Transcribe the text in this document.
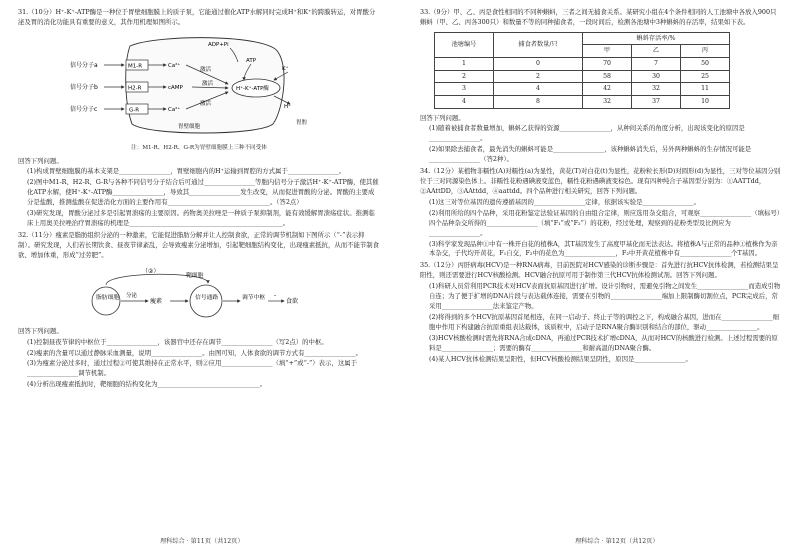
31.（10分）H⁺-K⁺-ATP酶是一种位于胃壁细胞膜上的质子泵，它能通过催化ATP水解同时完成H⁺和K⁺的跨膜转运，对胃酸分泌及胃的消化功能具有重要的意义，其作用机理如图所示。

信号分子a
信号分子b
信号分子c
M1-R
H2-R
G-R
Ca²⁺
cAMP
Ca²⁺
激活
激活
激活
ADP+Pi
ATP
H⁺-K⁺-ATP酶
K⁺
H⁺
胃壁细胞
胃腔

注：M1-R、H2-R、G-R为胃壁细胞膜上三种不同受体

回答下列问题。

(1)构成胃壁细胞膜的基本支架是________________，胃壁细胞内的H⁺运输到胃腔的方式属于________________。

(2)图中M1-R、H2-R、G-R与各种不同信号分子结合后可通过________________等胞内信号分子激活H⁺-K⁺-ATP酶，使其催化ATP水解，使H⁺-K⁺-ATP酶________________，导致其________________发生改变，从而促进胃酸的分泌。胃酸的主要成分是盐酸，推测盐酸在促进消化方面的主要作用有________________________________。（答2点）

(3)研究发现，胃酸分泌过多是引起胃溃疡的主要原因。药物奥美拉唑是一种质子泵抑制剂，能有效缓解胃溃疡症状。推测临床上用奥美拉唑治疗胃溃疡的机理是________________________________________________。

32.（11分）瘦素是脂肪组织分泌的一种激素，它能促进脂肪分解并让人控制食欲，正常的调节机制如下图所示（“-”表示抑制）。研究发现，人们若长期饮食、昼夜节律紊乱，会导致瘦素分泌增加，引起靶细胞结构变化，出现瘦素抵抗，从而不能节制食欲、增加体重，形成“过劳肥”。

（②）
脂肪细胞 分泌
瘦素
靶细胞
信号通路	调节中枢 -
食欲

回答下列问题。

(1)控制昼夜节律的中枢位于________________，该器官中还存在调节________________（写2点）的中枢。

(2)瘦素的含量可以通过静脉采血测量，说明________________。由图可知，人体食欲的调节方式有________________。

(3)为瘦素分泌过多时，通过过程②可使其维持在正常水平，则②应用________________（填“+”或“-”）表示，这属于________________调节机制。

(4)分析出现瘦素抵抗时，靶细胞的结构变化为________________________________。

33.（9分）甲、乙、丙是食性相同的不同种蝌蚪，三者之间无捕食关系。某研究小组在4个条件相同的人工池塘中各放入900只蝌蚪（甲、乙、丙各300只）和数量不等的同种捕食者，一段时间后，检测各池塘中3种蝌蚪的存活率，结果如下表。

池塘编号	捕食者数量/只	蝌蚪存活率/%		
		甲	乙	丙
1	0	70	7	50
2	2	58	30	25
3	4	42	32	11
4	8	32	37	10

回答下列问题。

(1)随着被捕食者数量增加，蝌蚪乙获得的资源________________，从种间关系的角度分析，出现该变化的原因是________________。

(2)如果除去捕食者，最先消失的蝌蚪可能是________________，该种蝌蚪消失后，另外两种蝌蚪的生存情况可能是________________（答2种）。

34.（12分）某植物非糯性(A)对糯性(a)为显性，黄花(T)对白花(t)为显性，花粉粒长形(D)对圆形(d)为显性，三对等位基因分别位于三对同源染色体上。非糯性花粉遇碘液变蓝色，糯性花粉遇碘液变棕色。现有四种纯合子基因型分别为：①AATTdd，②AAttDD，③AAttdd，④aattdd。四个品种进行相关研究，回答下列问题。

(1)这三对等位基因的遗传遵循基因的________________定律，依据该实验是________________。

(2)利用所给的四个品种，采用花粉鉴定法验证基因的自由组合定律，则应选用杂交组合，可观察________________（填标号）四个品种杂交所得的________________（填“F₁”或“F₂”）的花粉，经过处理，观察到的花粉类型及比例应为________________。

(3)科学家发现品种①中有一株开白花的植株A，其T基因发生了高度甲基化而无法表达。将植株A与正常的品种①植株作为亲本杂交，子代均开黄花，F₁自交，F₂中的花色为________________，F₂中开黄花植株中有________________个T基因。

35.（12分）丙肝病毒(HCV)是一种RNA病毒，目前医院对HCV感染的诊断步骤是：首先进行抗HCV抗体检测，若检测结果呈阳性，则还需要进行HCV核酸检测。HCV融合抗原可用于制作第三代HCV抗体检测试剂。回答下列问题。

(1)科研人员常利用PCR技术对HCV表面抗原基因进行扩增。设计引物时，需避免引物之间发生________________而造成引物自连；为了便于扩增的DNA片段与表达载体连接，需要在引物的________________端加上限制酶切割位点，PCR完成后，常采用________________法来鉴定产物。

(2)将得到的多个HCV抗原基因首尾相连，在同一启动子、终止子等的调控之下，构成融合基因，进而在________________细胞中作用下构建融合抗原重组表达载体，该质粒中，启动子是RNA聚合酶识别和结合的部位，驱动________________。

(3)HCV核酸检测时需先将RNA合成cDNA，再通过PCR技术扩增cDNA，从而对HCV的核酸进行检测。上述过程需要的原料是________________；需要的酶有________________和耐高温的DNA聚合酶。

(4)某人HCV抗体检测结果呈阳性，但HCV核酸检测结果呈阴性，原因是________________。

理科综合 · 第11页（共12页）	理科综合 · 第12页（共12页）
